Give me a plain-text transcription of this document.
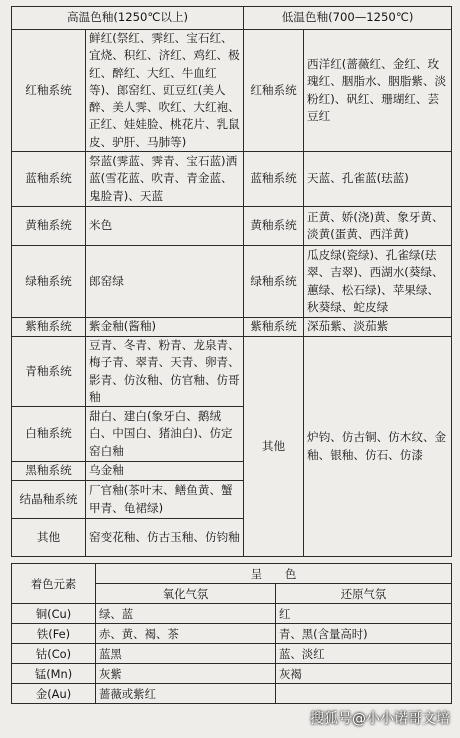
高温色釉(1250℃以上)		低温色釉(700—1250℃)	
红釉系统	鲜红(祭红、霁红、宝石红、宜烧、积红、济红、鸡红、极红、醉红、大红、牛血红等)、郎窑红、豇豆红(美人醉、美人霁、吹红、大红袍、正红、娃娃脸、桃花片、乳鼠皮、驴肝、马肺等)	红釉系统	西洋红(蔷薇红、金红、玫瑰红、胭脂水、胭脂紫、淡粉红)、矾红、珊瑚红、芸豆红
蓝釉系统	祭蓝(霁蓝、霁青、宝石蓝)洒蓝(雪花蓝、吹青、青金蓝、鬼脸青)、天蓝	蓝釉系统	天蓝、孔雀蓝(珐蓝)
黄釉系统	米色	黄釉系统	正黄、娇(浇)黄、象牙黄、淡黄(蛋黄、西洋黄)
绿釉系统	郎窑绿	绿釉系统	瓜皮绿(瓷绿)、孔雀绿(珐翠、吉翠)、西湖水(葵绿、蕙绿、松石绿)、苹果绿、秋葵绿、蛇皮绿
紫釉系统	紫金釉(酱釉)	紫釉系统	深茄紫、淡茄紫
青釉系统	豆青、冬青、粉青、龙泉青、梅子青、翠青、天青、卵青、影青、仿汝釉、仿官釉、仿哥釉	其他	炉钧、仿古铜、仿木纹、金釉、银釉、仿石、仿漆
白釉系统	甜白、建白(象牙白、鹅绒白、中国白、猪油白)、仿定窑白釉		
黑釉系统	乌金釉		
结晶釉系统	厂官釉(茶叶末、鳝鱼黄、蟹甲青、龟裙绿)		
其他	窑变花釉、仿古玉釉、仿钧釉		
着色元素	呈　　色	
	氧化气氛	还原气氛
铜(Cu)	绿、蓝	红
铁(Fe)	赤、黄、褐、茶	青、黑(含量高时)
钴(Co)	蓝黑	蓝、淡红
锰(Mn)	灰紫	灰褐
金(Au)	蔷薇或紫红	
搜狐号@小小诺哥文培
